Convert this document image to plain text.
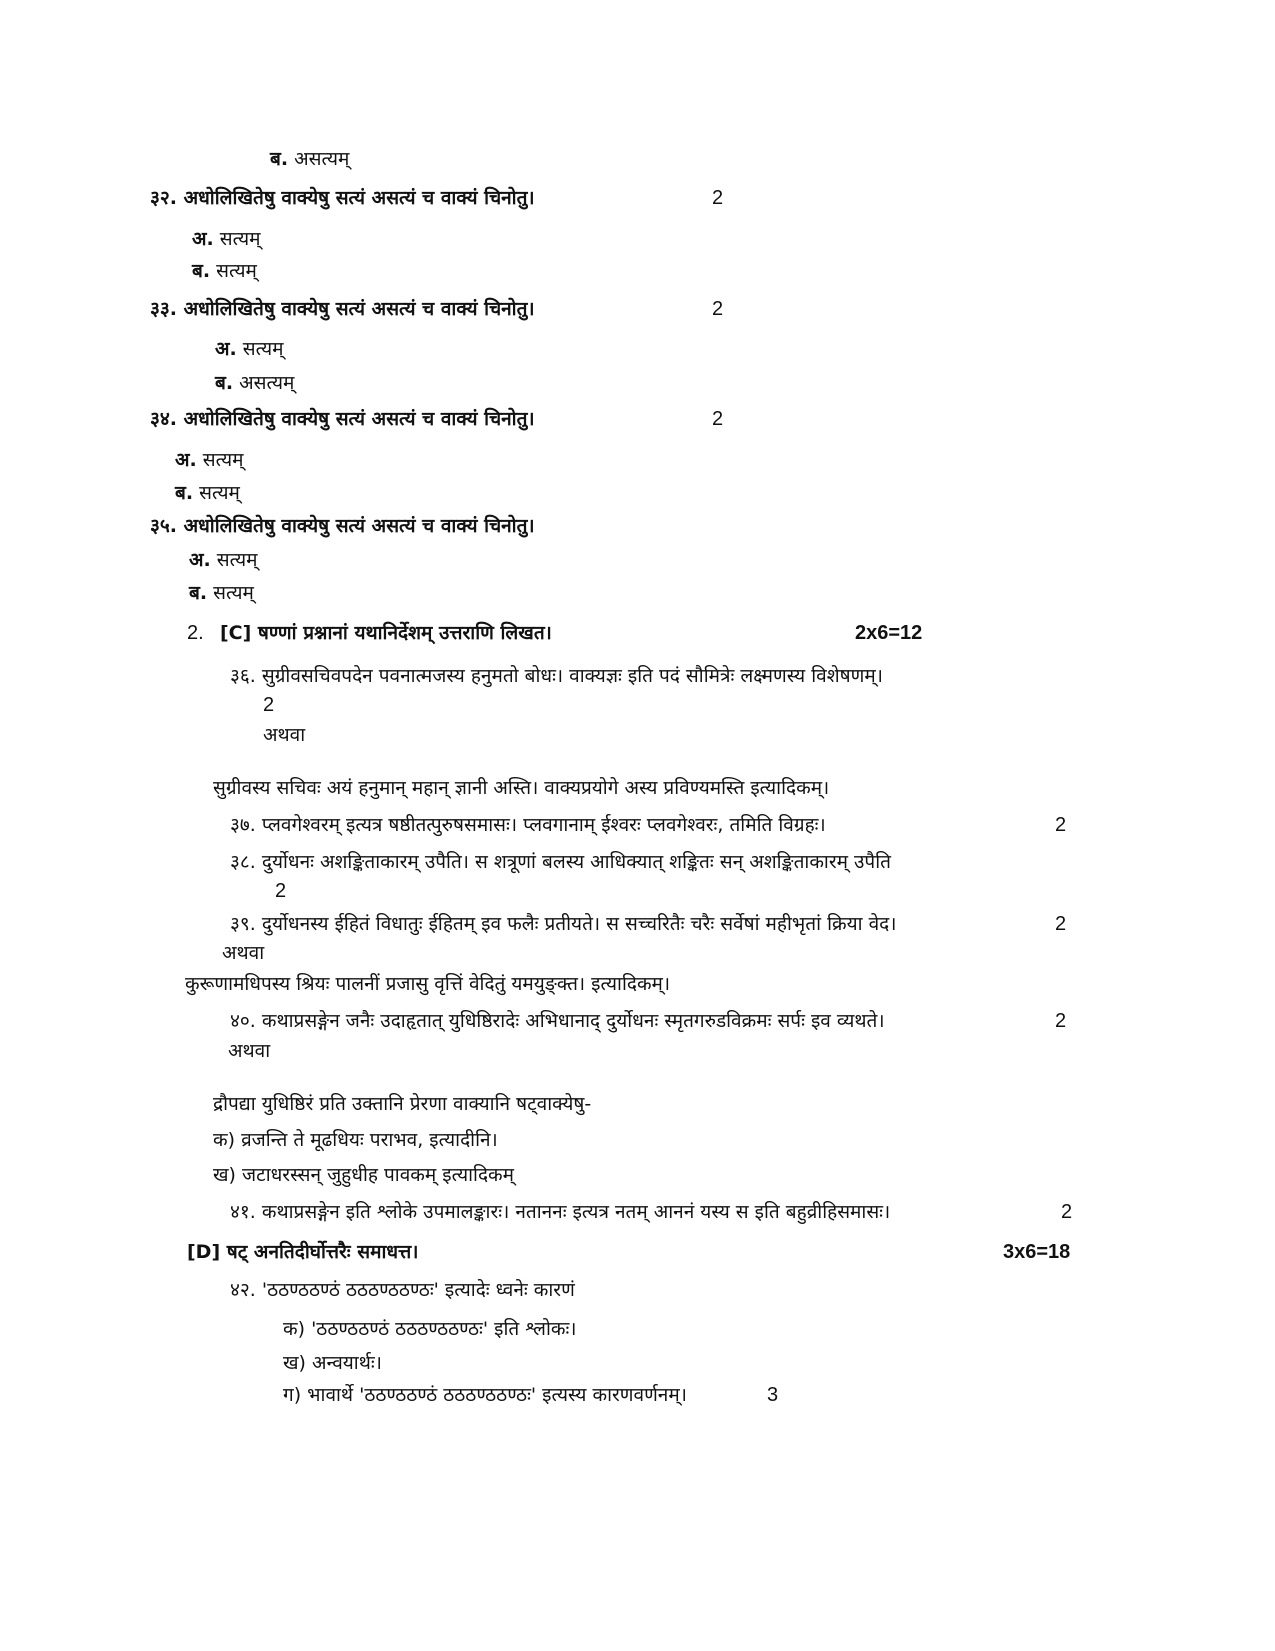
ब. असत्यम्
३२. अधोलिखितेषु वाक्येषु सत्यं असत्यं च वाक्यं चिनोतु।	2
अ. सत्यम्
ब. सत्यम्
३३. अधोलिखितेषु वाक्येषु सत्यं असत्यं च वाक्यं चिनोतु।	2
अ. सत्यम्
ब. असत्यम्
३४. अधोलिखितेषु वाक्येषु सत्यं असत्यं च वाक्यं चिनोतु।	2
अ. सत्यम्
ब. सत्यम्
३५. अधोलिखितेषु वाक्येषु सत्यं असत्यं च वाक्यं चिनोतु।
अ. सत्यम्
ब. सत्यम्
2. [C] षण्णां प्रश्नानां यथानिर्देशम् उत्तराणि लिखत।	2x6=12
३६. सुग्रीवसचिवपदेन पवनात्मजस्य हनुमतो बोधः। वाक्यज्ञः इति पदं सौमित्रेः लक्ष्मणस्य विशेषणम्।
2
अथवा
सुग्रीवस्य सचिवः अयं हनुमान् महान् ज्ञानी अस्ति। वाक्यप्रयोगे अस्य प्रविण्यमस्ति इत्यादिकम्।
३७. प्लवगेश्वरम् इत्यत्र षष्ठीतत्पुरुषसमासः। प्लवगानाम् ईश्वरः प्लवगेश्वरः, तमिति विग्रहः।	2
३८. दुर्योधनः अशङ्कित‌ाकारम् उपैति। स शत्रूणां बलस्य आधिक्यात् शङ्कितः सन् अशङ्कित‌ाकारम् उपैति
2
३९. दुर्योधनस्य ईहितं विधातुः ईहितम् इव फलैः प्रतीयते। स सच्चरितैः चरैः सर्वेषां महीभृतां क्रिया वेद।	2
अथवा
कुरूणामधिपस्य श्रियः पालनीं प्रजासु वृत्तिं वेदितुं यमयुङ्क्त। इत्यादिकम्।
४०. कथाप्रसङ्गेन जनैः उदाहृतात् युधिष्ठिरादेः अभिधानाद् दुर्योधनः स्मृतगरुडविक्रमः सर्पः इव व्यथते।	2
अथवा
द्रौपद्या युधिष्ठिरं प्रति उक्तानि प्रेरणा वाक्यानि षट्वाक्येषु-
क) व्रजन्ति ते मूढधियः पराभव, इत्यादीनि।
ख) जटाधरस्सन् जुहुधीह पावकम् इत्यादिकम्
४१. कथाप्रसङ्गेन इति श्लोके उपमालङ्कारः। नताननः इत्यत्र नतम् आननं यस्य स इति बहुव्रीहिसमासः।	2
[D] षट् अनतिदीर्घोत्तरैः समाधत्त।	3x6=18
४२. 'ठठण्ठठण्ठं ठठठण्ठठण्ठः' इत्यादेः ध्वनेः कारणं
क) 'ठठण्ठठण्ठं ठठठण्ठठण्ठः' इति श्लोकः।
ख) अन्वयार्थः।
ग) भावार्थे 'ठठण्ठठण्ठं ठठठण्ठठण्ठः' इत्यस्य कारणवर्णनम्।	3
